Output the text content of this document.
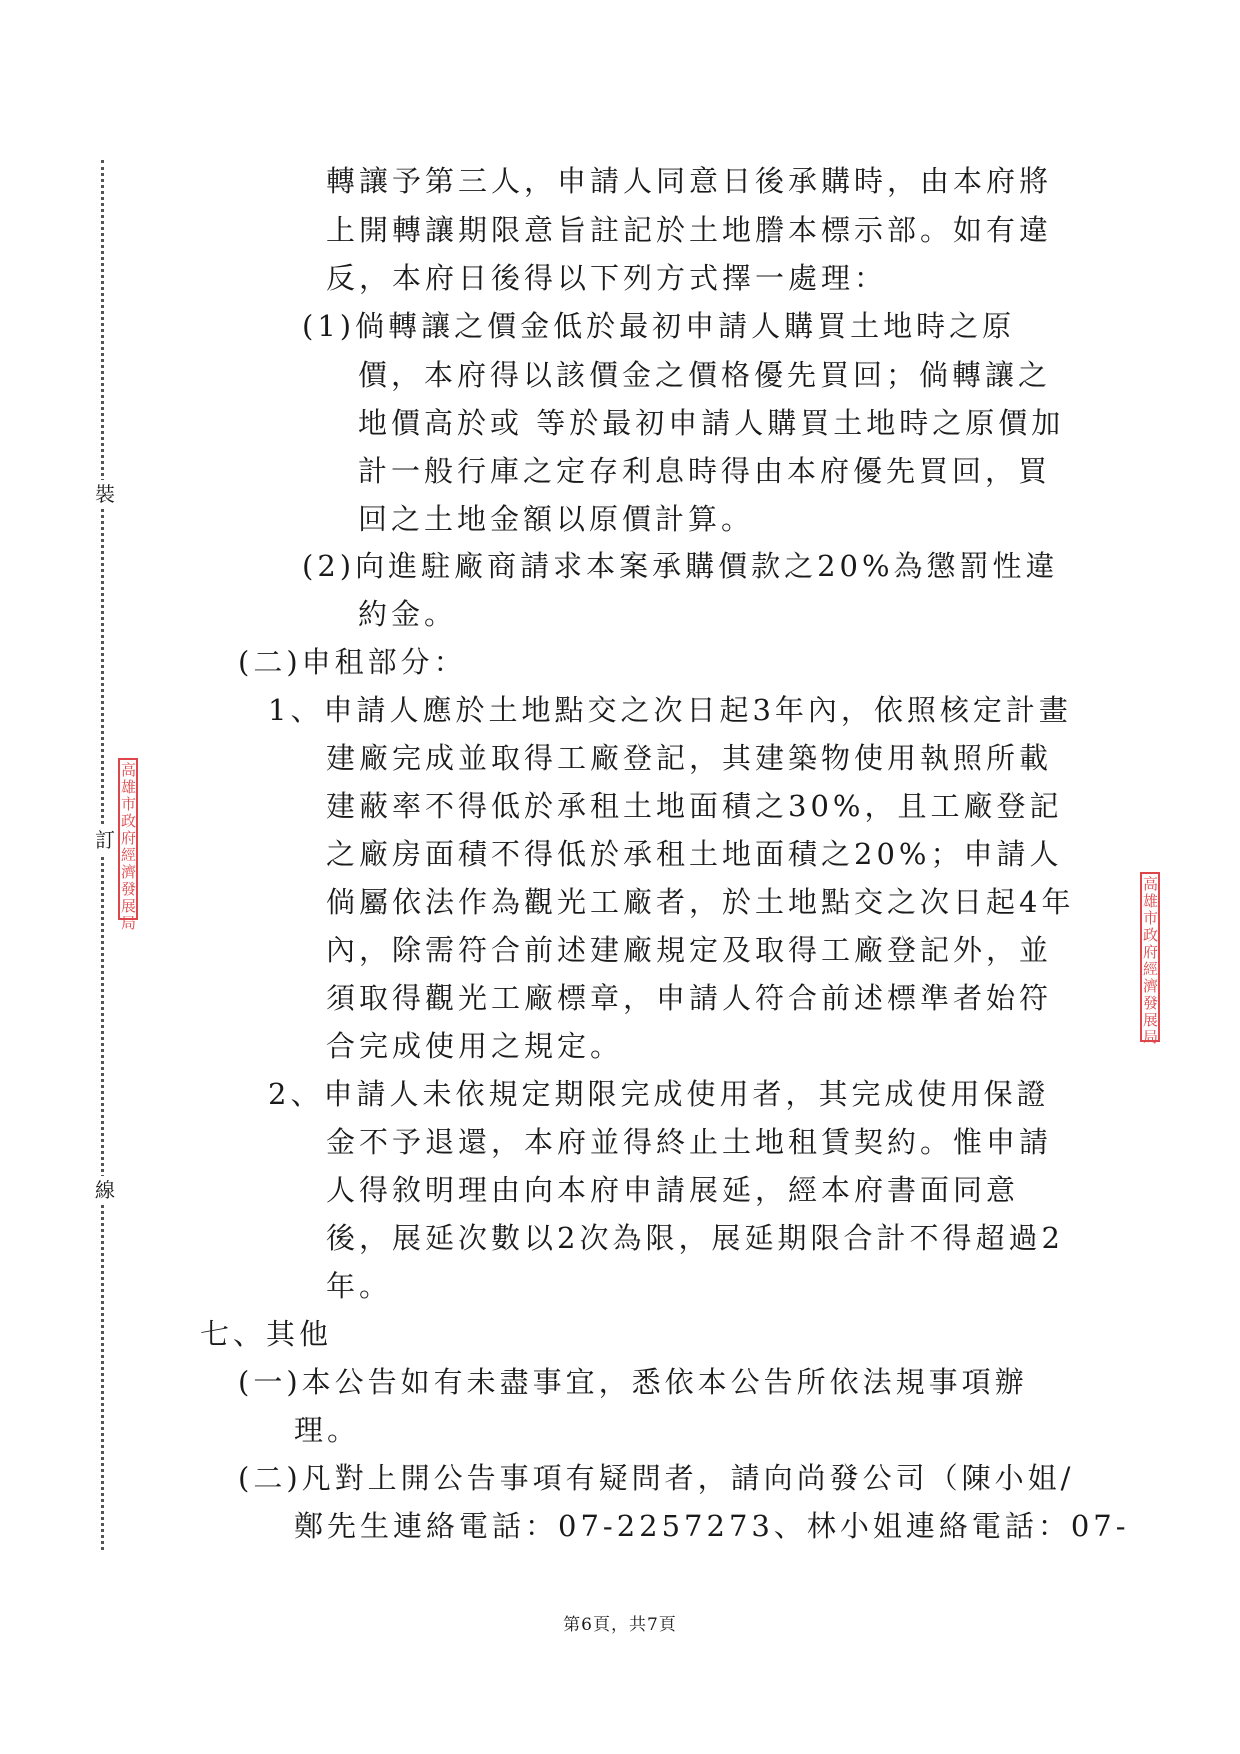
裝
訂
線
高雄市政府經濟發展局
高雄市政府經濟發展局
轉讓予第三人，申請人同意日後承購時，由本府將
上開轉讓期限意旨註記於土地謄本標示部。如有違
反，本府日後得以下列方式擇一處理：
(1)倘轉讓之價金低於最初申請人購買土地時之原
價，本府得以該價金之價格優先買回；倘轉讓之
地價高於或 等於最初申請人購買土地時之原價加
計一般行庫之定存利息時得由本府優先買回，買
回之土地金額以原價計算。
(2)向進駐廠商請求本案承購價款之20%為懲罰性違
約金。
(二)申租部分：
1、申請人應於土地點交之次日起3年內，依照核定計畫
建廠完成並取得工廠登記，其建築物使用執照所載
建蔽率不得低於承租土地面積之30%，且工廠登記
之廠房面積不得低於承租土地面積之20%；申請人
倘屬依法作為觀光工廠者，於土地點交之次日起4年
內，除需符合前述建廠規定及取得工廠登記外，並
須取得觀光工廠標章，申請人符合前述標準者始符
合完成使用之規定。
2、申請人未依規定期限完成使用者，其完成使用保證
金不予退還，本府並得終止土地租賃契約。惟申請
人得敘明理由向本府申請展延，經本府書面同意
後，展延次數以2次為限，展延期限合計不得超過2
年。
七、其他
(一)本公告如有未盡事宜，悉依本公告所依法規事項辦
理。
(二)凡對上開公告事項有疑問者，請向尚發公司（陳小姐/
鄭先生連絡電話：07-2257273、林小姐連絡電話：07-
第6頁，共7頁
